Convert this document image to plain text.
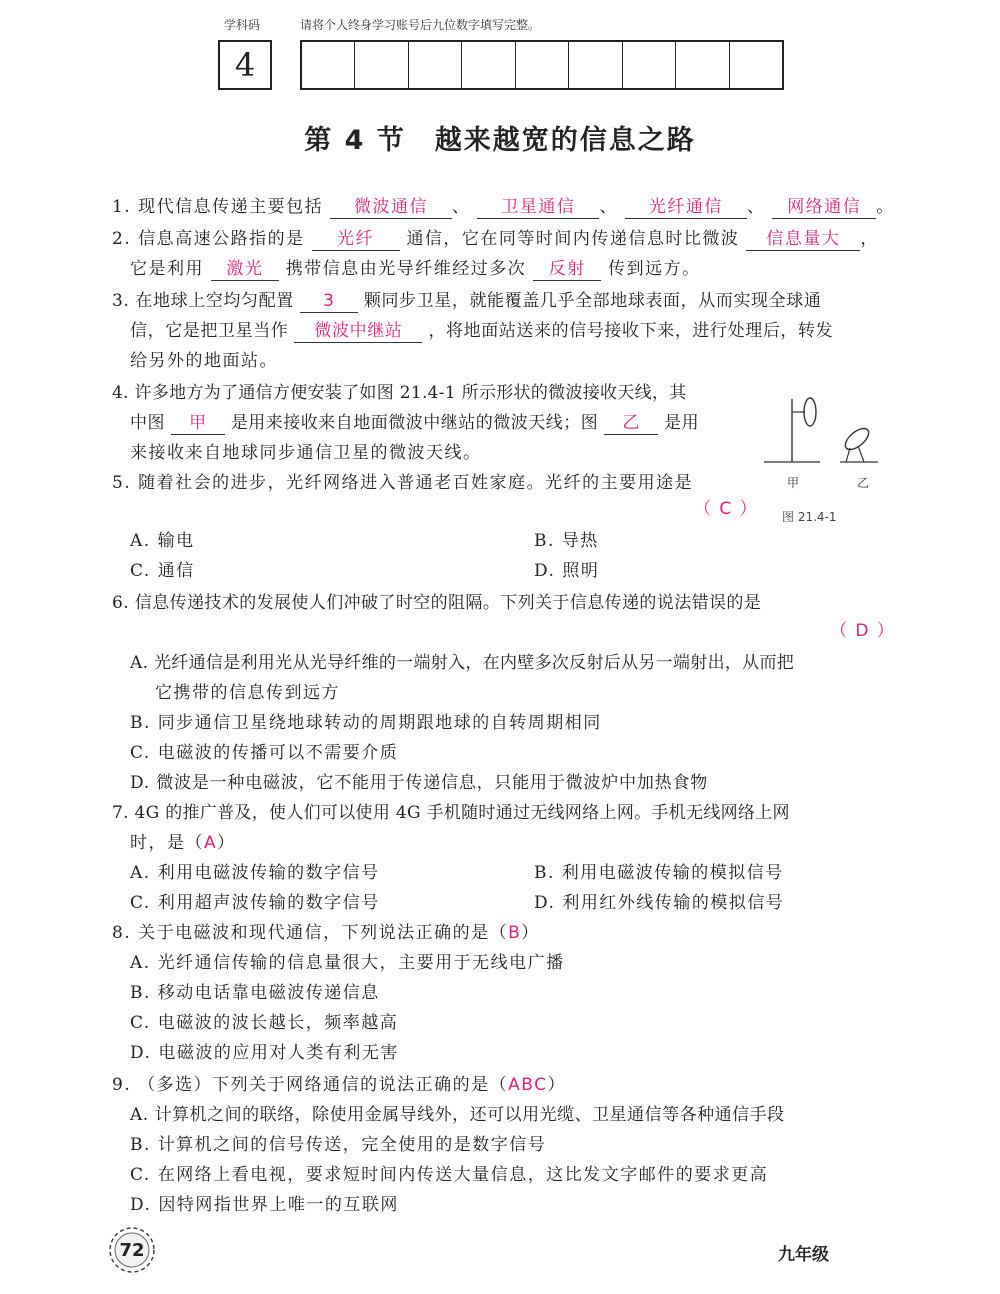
学科码	请将个人终身学习账号后九位数字填写完整。
4
第 4 节　越来越宽的信息之路
1. 现代信息传递主要包括 微波通信 、 卫星通信 、 光纤通信 、 网络通信 。
2. 信息高速公路指的是 光纤 通信，它在同等时间内传递信息时比微波 信息量大 ，
它是利用 激光 携带信息由光导纤维经过多次 反射 传到远方。
3. 在地球上空均匀配置 3 颗同步卫星，就能覆盖几乎全部地球表面，从而实现全球通
信，它是把卫星当作 微波中继站 ，将地面站送来的信号接收下来，进行处理后，转发
给另外的地面站。
4. 许多地方为了通信方便安装了如图 21.4-1 所示形状的微波接收天线，其
中图 甲 是用来接收来自地面微波中继站的微波天线；图 乙 是用
来接收来自地球同步通信卫星的微波天线。
甲	乙
图 21.4-1
5. 随着社会的进步，光纤网络进入普通老百姓家庭。光纤的主要用途是
（ C ）
A. 输电	B. 导热
C. 通信	D. 照明
6. 信息传递技术的发展使人们冲破了时空的阻隔。下列关于信息传递的说法错误的是
（ D ）
A. 光纤通信是利用光从光导纤维的一端射入，在内壁多次反射后从另一端射出，从而把
它携带的信息传到远方
B. 同步通信卫星绕地球转动的周期跟地球的自转周期相同
C. 电磁波的传播可以不需要介质
D. 微波是一种电磁波，它不能用于传递信息，只能用于微波炉中加热食物
7. 4G 的推广普及，使人们可以使用 4G 手机随时通过无线网络上网。手机无线网络上网
时，是（A）
A. 利用电磁波传输的数字信号	B. 利用电磁波传输的模拟信号
C. 利用超声波传输的数字信号	D. 利用红外线传输的模拟信号
8. 关于电磁波和现代通信，下列说法正确的是（B）
A. 光纤通信传输的信息量很大，主要用于无线电广播
B. 移动电话靠电磁波传递信息
C. 电磁波的波长越长，频率越高
D. 电磁波的应用对人类有利无害
9. （多选）下列关于网络通信的说法正确的是（ABC）
A. 计算机之间的联络，除使用金属导线外，还可以用光缆、卫星通信等各种通信手段
B. 计算机之间的信号传送，完全使用的是数字信号
C. 在网络上看电视，要求短时间内传送大量信息，这比发文字邮件的要求更高
D. 因特网指世界上唯一的互联网
72	九年级
